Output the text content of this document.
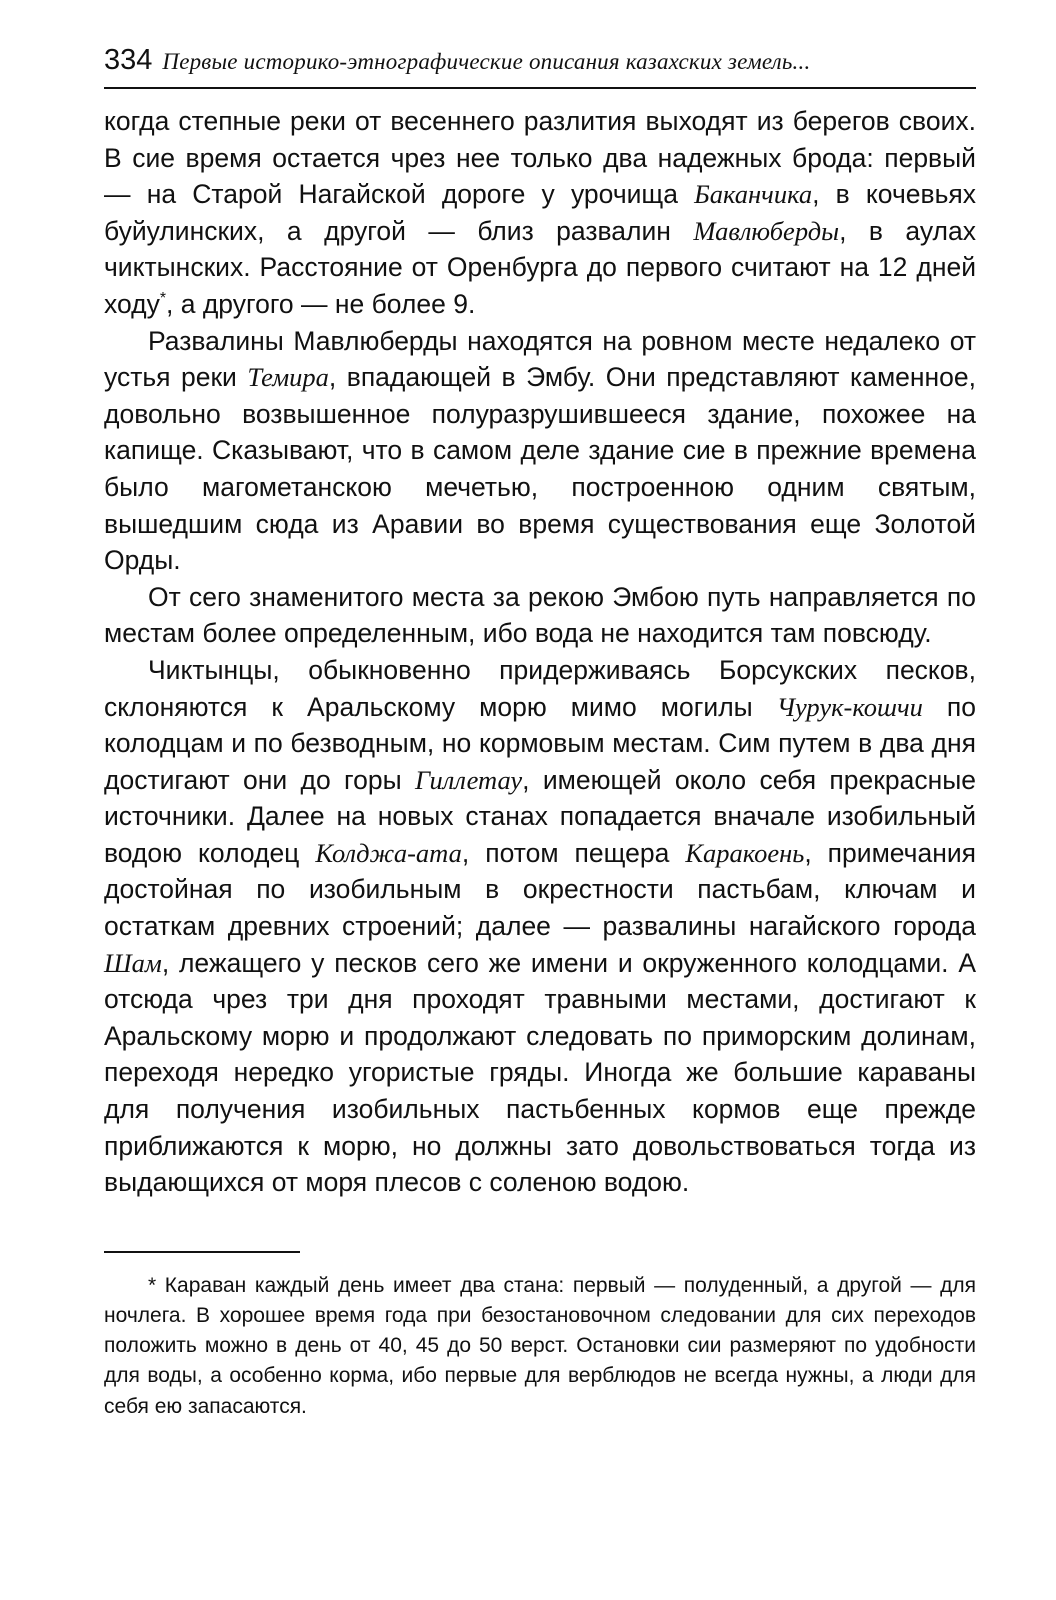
334 Первые историко-этнографические описания казахских земель...

когда степные реки от весеннего разлития выходят из берегов своих. В сие время остается чрез нее только два надежных брода: первый — на Старой Нагайской дороге у урочища Баканчика, в кочевьях буйулинских, а другой — близ развалин Мавлюберды, в аулах чиктынских. Расстояние от Оренбурга до первого считают на 12 дней ходу*, а другого — не более 9.

Развалины Мавлюберды находятся на ровном месте недалеко от устья реки Темира, впадающей в Эмбу. Они представляют каменное, довольно возвышенное полуразрушившееся здание, похожее на капище. Сказывают, что в самом деле здание сие в прежние времена было магометанскою мечетью, построенною одним святым, вышедшим сюда из Аравии во время существования еще Золотой Орды.

От сего знаменитого места за рекою Эмбою путь направляется по местам более определенным, ибо вода не находится там повсюду.

Чиктынцы, обыкновенно придерживаясь Борсукских песков, склоняются к Аральскому морю мимо могилы Чурук-кошчи по колодцам и по безводным, но кормовым местам. Сим путем в два дня достигают они до горы Гиллетау, имеющей около себя прекрасные источники. Далее на новых станах попадается вначале изобильный водою колодец Колджа-ата, потом пещера Каракоень, примечания достойная по изобильным в окрестности пастьбам, ключам и остаткам древних строений; далее — развалины нагайского города Шам, лежащего у песков сего же имени и окруженного колодцами. А отсюда чрез три дня проходят травными местами, достигают к Аральскому морю и продолжают следовать по приморским долинам, переходя нередко угористые гряды. Иногда же большие караваны для получения изобильных пастьбенных кормов еще прежде приближаются к морю, но должны зато довольствоваться тогда из выдающихся от моря плесов с соленою водою.

* Караван каждый день имеет два стана: первый — полуденный, а другой — для ночлега. В хорошее время года при безостановочном следовании для сих переходов положить можно в день от 40, 45 до 50 верст. Остановки сии размеряют по удобности для воды, а особенно корма, ибо первые для верблюдов не всегда нужны, а люди для себя ею запасаются.
